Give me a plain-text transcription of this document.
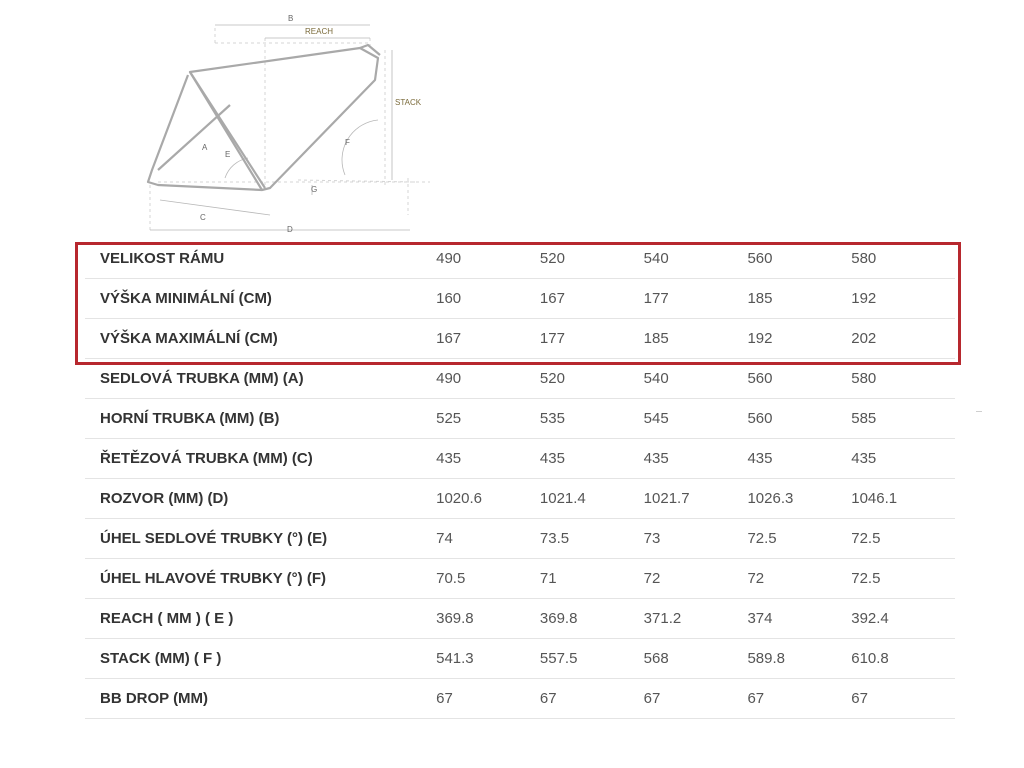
B
REACH
STACK
A
E
F
G
C
D
VELIKOST RÁMU	490	520	540	560	580
VÝŠKA MINIMÁLNÍ (CM)	160	167	177	185	192
VÝŠKA MAXIMÁLNÍ (CM)	167	177	185	192	202
SEDLOVÁ TRUBKA (MM) (A)	490	520	540	560	580
HORNÍ TRUBKA (MM) (B)	525	535	545	560	585
ŘETĚZOVÁ TRUBKA (MM) (C)	435	435	435	435	435
ROZVOR (MM) (D)	1020.6	1021.4	1021.7	1026.3	1046.1
ÚHEL SEDLOVÉ TRUBKY (°) (E)	74	73.5	73	72.5	72.5
ÚHEL HLAVOVÉ TRUBKY (°) (F)	70.5	71	72	72	72.5
REACH ( MM ) ( E )	369.8	369.8	371.2	374	392.4
STACK (MM) ( F )	541.3	557.5	568	589.8	610.8
BB DROP (MM)	67	67	67	67	67
